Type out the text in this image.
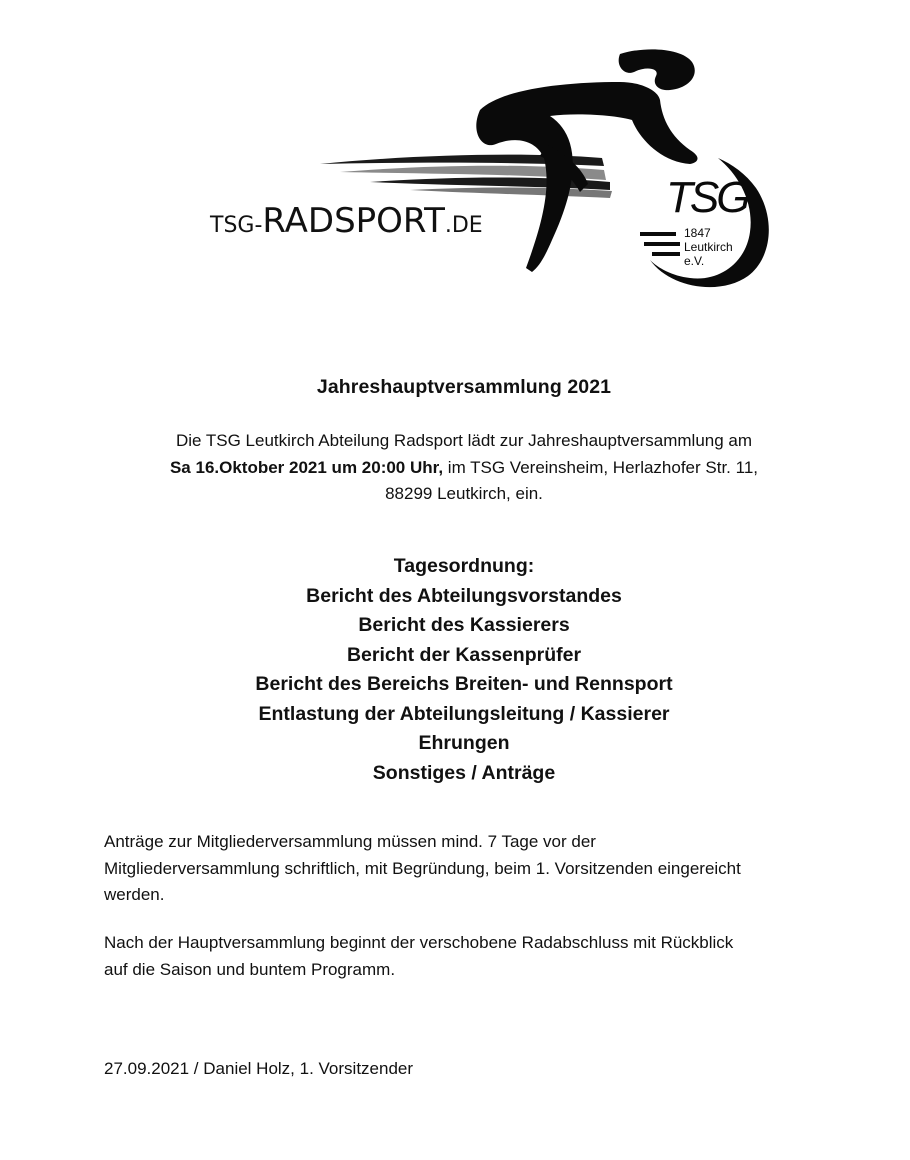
TSG
1847
Leutkirch
e.V.
TSG-RADSPORT.DE
Jahreshauptversammlung 2021
Die TSG Leutkirch Abteilung Radsport lädt zur Jahreshauptversammlung am
Sa 16.Oktober 2021 um 20:00 Uhr, im TSG Vereinsheim, Herlazhofer Str. 11,
88299 Leutkirch, ein.
Tagesordnung:
Bericht des Abteilungsvorstandes
Bericht des Kassierers
Bericht der Kassenprüfer
Bericht des Bereichs Breiten- und Rennsport
Entlastung der Abteilungsleitung / Kassierer
Ehrungen
Sonstiges / Anträge
Anträge zur Mitgliederversammlung müssen mind. 7 Tage vor der
Mitgliederversammlung schriftlich, mit Begründung, beim 1. Vorsitzenden eingereicht
werden.
Nach der Hauptversammlung beginnt der verschobene Radabschluss mit Rückblick
auf die Saison und buntem Programm.
27.09.2021 / Daniel Holz, 1. Vorsitzender
